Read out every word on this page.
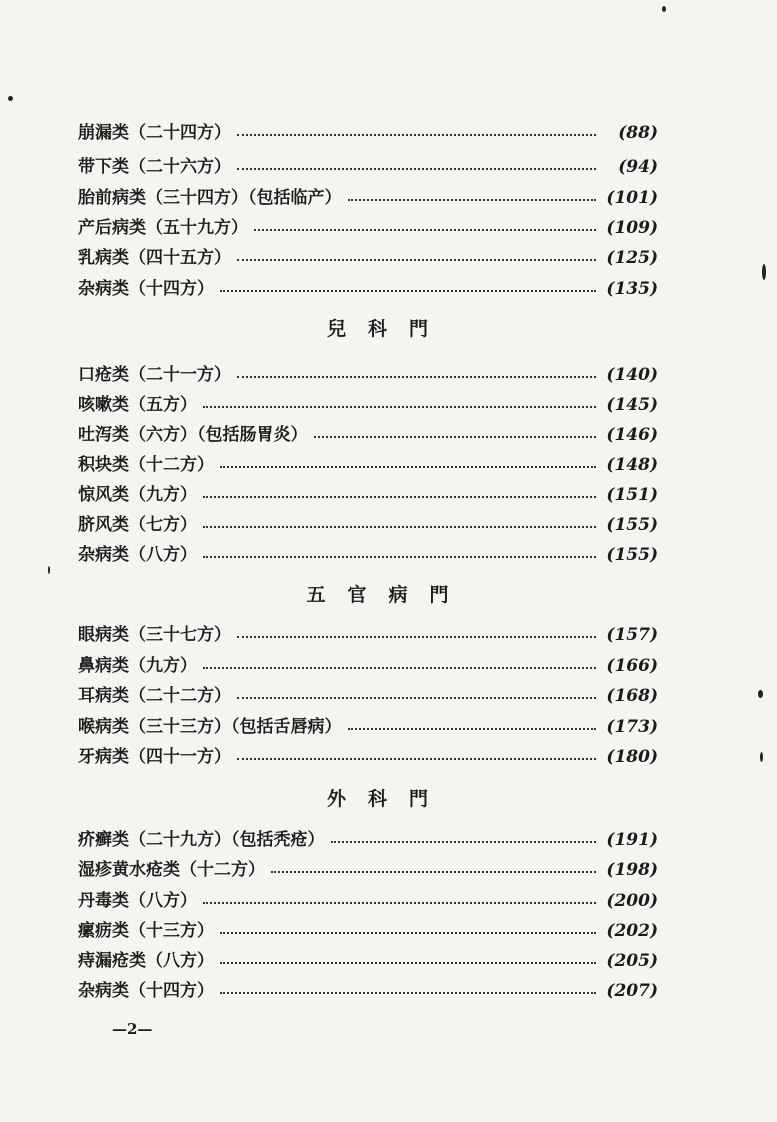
崩漏类（二十四方）	(88)
带下类（二十六方）	(94)
胎前病类（三十四方）（包括临产）	(101)
产后病类（五十九方）	(109)
乳病类（四十五方）	(125)
杂病类（十四方）	(135)
兒科門
口疮类（二十一方）	(140)
咳嗽类（五方）	(145)
吐泻类（六方）（包括肠胃炎）	(146)
积块类（十二方）	(148)
惊风类（九方）	(151)
脐风类（七方）	(155)
杂病类（八方）	(155)
五官病門
眼病类（三十七方）	(157)
鼻病类（九方）	(166)
耳病类（二十二方）	(168)
喉病类（三十三方）（包括舌唇病）	(173)
牙病类（四十一方）	(180)
外科門
疥癣类（二十九方）（包括秃疮）	(191)
湿疹黄水疮类（十二方）	(198)
丹毒类（八方）	(200)
瘰疬类（十三方）	(202)
痔漏疮类（八方）	(205)
杂病类（十四方）	(207)
—2—
